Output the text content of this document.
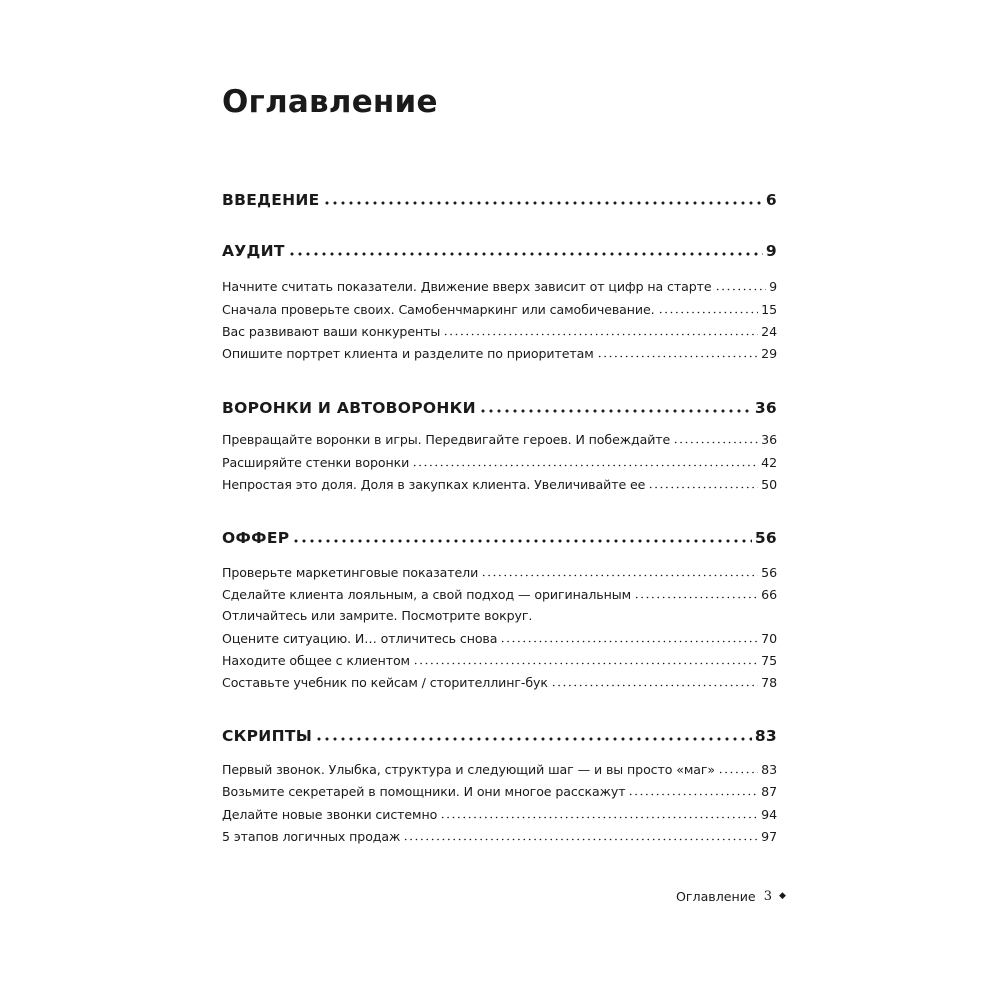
Оглавление
ВВЕДЕНИЕ	6
АУДИТ	9
Начните считать показатели. Движение вверх зависит от цифр на старте	9
Сначала проверьте своих. Самобенчмаркинг или самобичевание.	15
Вас развивают ваши конкуренты	24
Опишите портрет клиента и разделите по приоритетам	29
ВОРОНКИ И АВТОВОРОНКИ	36
Превращайте воронки в игры. Передвигайте героев. И побеждайте	36
Расширяйте стенки воронки	42
Непростая это доля. Доля в закупках клиента. Увеличивайте ее	50
ОФФЕР	56
Проверьте маркетинговые показатели	56
Сделайте клиента лояльным, а свой подход — оригинальным	66
Отличайтесь или замрите. Посмотрите вокруг.
Оцените ситуацию. И… отличитесь снова	70
Находите общее с клиентом	75
Составьте учебник по кейсам / сторителлинг-бук	78
СКРИПТЫ	83
Первый звонок. Улыбка, структура и следующий шаг — и вы просто «маг»	83
Возьмите секретарей в помощники. И они многое расскажут	87
Делайте новые звонки системно	94
5 этапов логичных продаж	97
Оглавление 3 ◆
